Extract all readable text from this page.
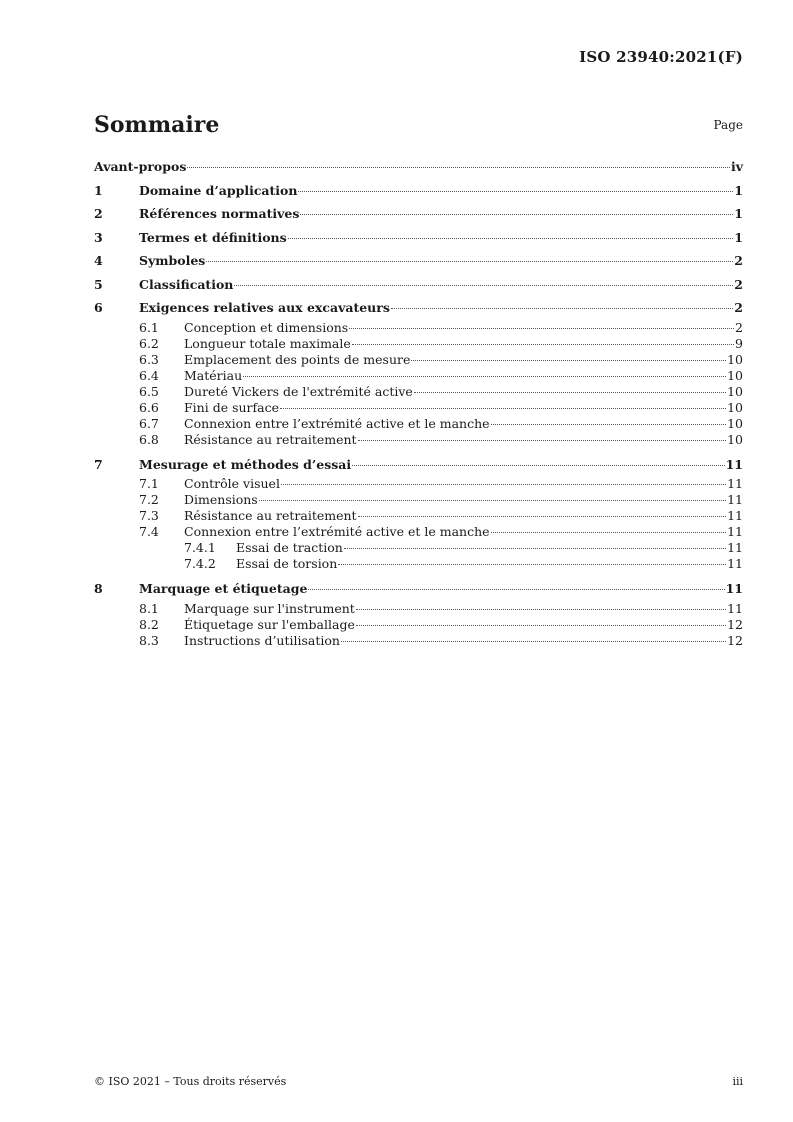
ISO 23940:2021(F)
Sommaire	Page
Avant-propos	iv
1	Domaine d’application	1
2	Références normatives	1
3	Termes et définitions	1
4	Symboles	2
5	Classification	2
6	Exigences relatives aux excavateurs	2
6.1	Conception et dimensions	2
6.2	Longueur totale maximale	9
6.3	Emplacement des points de mesure	10
6.4	Matériau	10
6.5	Dureté Vickers de l'extrémité active	10
6.6	Fini de surface	10
6.7	Connexion entre l’extrémité active et le manche	10
6.8	Résistance au retraitement	10
7	Mesurage et méthodes d’essai	11
7.1	Contrôle visuel	11
7.2	Dimensions	11
7.3	Résistance au retraitement	11
7.4	Connexion entre l’extrémité active et le manche	11
7.4.1	Essai de traction	11
7.4.2	Essai de torsion	11
8	Marquage et étiquetage	11
8.1	Marquage sur l'instrument	11
8.2	Étiquetage sur l'emballage	12
8.3	Instructions d’utilisation	12
© ISO 2021 – Tous droits réservés	iii
